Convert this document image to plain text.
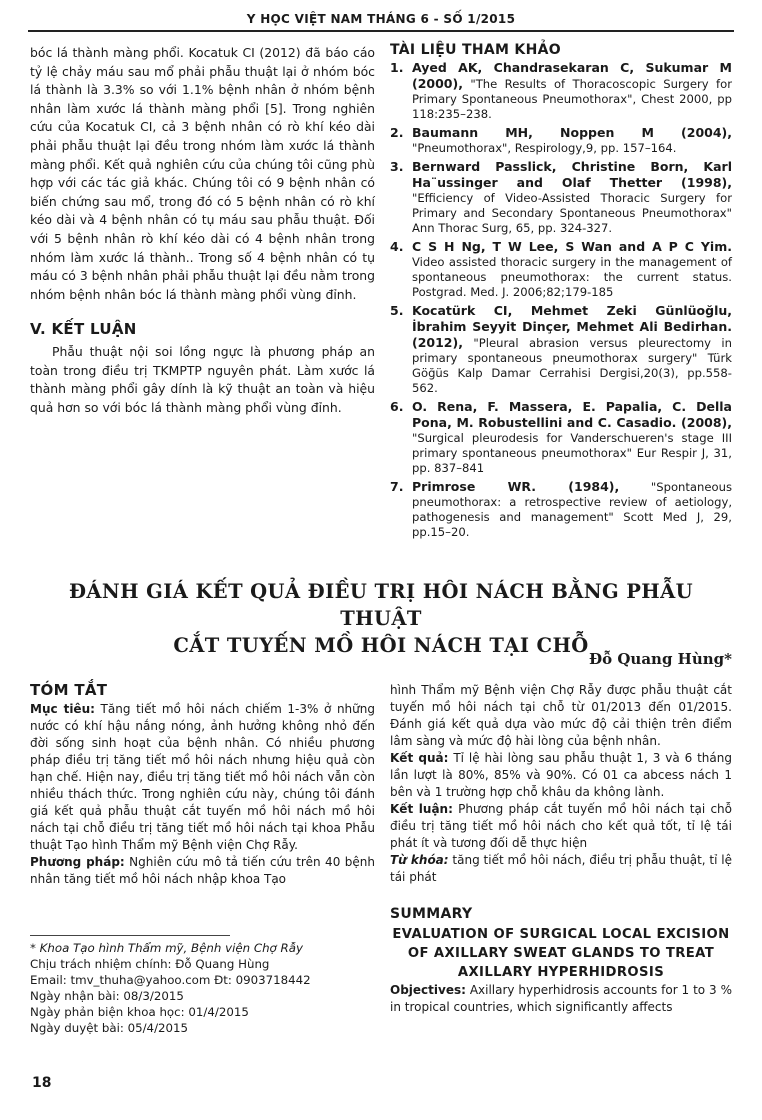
Y HỌC VIỆT NAM THÁNG 6 - SỐ 1/2015

bóc lá thành màng phổi. Kocatuk CI (2012) đã báo cáo tỷ lệ chảy máu sau mổ phải phẫu thuật lại ở nhóm bóc lá thành là 3.3% so với 1.1% bệnh nhân ở nhóm bệnh nhân làm xước lá thành màng phổi [5]. Trong nghiên cứu của Kocatuk CI, cả 3 bệnh nhân có rò khí kéo dài phải phẫu thuật lại đều trong nhóm làm xước lá thành màng phổi. Kết quả nghiên cứu của chúng tôi cũng phù hợp với các tác giả khác. Chúng tôi có 9 bệnh nhân có biến chứng sau mổ, trong đó có 5 bệnh nhân có rò khí kéo dài và 4 bệnh nhân có tụ máu sau phẫu thuật. Đối với 5 bệnh nhân rò khí kéo dài có 4 bệnh nhân trong nhóm làm xước lá thành.. Trong số 4 bệnh nhân có tụ máu có 3 bệnh nhân phải phẫu thuật lại đều nằm trong nhóm bệnh nhân bóc lá thành màng phổi vùng đỉnh.

V. KẾT LUẬN

Phẫu thuật nội soi lồng ngực là phương pháp an toàn trong điều trị TKMPTP nguyên phát. Làm xước lá thành màng phổi gây dính là kỹ thuật an toàn và hiệu quả hơn so với bóc lá thành màng phổi vùng đỉnh.

TÀI LIỆU THAM KHẢO
1. Ayed AK, Chandrasekaran C, Sukumar M (2000), "The Results of Thoracoscopic Surgery for Primary Spontaneous Pneumothorax", Chest 2000, pp 118:235–238.
2. Baumann MH, Noppen M (2004), "Pneumothorax", Respirology,9, pp. 157–164.
3. Bernward Passlick, Christine Born, Karl Ha¨ussinger and Olaf Thetter (1998), "Efficiency of Video-Assisted Thoracic Surgery for Primary and Secondary Spontaneous Pneumothorax" Ann Thorac Surg, 65, pp. 324-327.
4. C S H Ng, T W Lee, S Wan and A P C Yim. Video assisted thoracic surgery in the management of spontaneous pneumothorax: the current status. Postgrad. Med. J. 2006;82;179-185
5. Kocatürk CI, Mehmet Zeki Günlüoğlu, İbrahim Seyyit Dinçer, Mehmet Ali Bedirhan. (2012), "Pleural abrasion versus pleurectomy in primary spontaneous pneumothorax surgery" Türk Göğüs Kalp Damar Cerrahisi Dergisi,20(3), pp.558-562.
6. O. Rena, F. Massera, E. Papalia, C. Della Pona, M. Robustellini and C. Casadio. (2008), "Surgical pleurodesis for Vanderschueren's stage III primary spontaneous pneumothorax" Eur Respir J, 31, pp. 837–841
7. Primrose WR. (1984), "Spontaneous pneumothorax: a retrospective review of aetiology, pathogenesis and management" Scott Med J, 29, pp.15–20.
ĐÁNH GIÁ KẾT QUẢ ĐIỀU TRỊ HÔI NÁCH BẰNG PHẪU THUẬT
CẮT TUYẾN MỒ HÔI NÁCH TẠI CHỖ
Đỗ Quang Hùng*
TÓM TẮT

Mục tiêu: Tăng tiết mồ hôi nách chiếm 1-3% ở những nước có khí hậu nắng nóng, ảnh hưởng không nhỏ đến đời sống sinh hoạt của bệnh nhân. Có nhiều phương pháp điều trị tăng tiết mồ hôi nách nhưng hiệu quả còn hạn chế. Hiện nay, điều trị tăng tiết mồ hôi nách vẫn còn nhiều thách thức. Trong nghiên cứu này, chúng tôi đánh giá kết quả phẫu thuật cắt tuyến mồ hôi nách mồ hôi nách tại chỗ điều trị tăng tiết mồ hôi nách tại khoa Phẫu thuật Tạo hình Thẩm mỹ Bệnh viện Chợ Rẫy.

Phương pháp: Nghiên cứu mô tả tiến cứu trên 40 bệnh nhân tăng tiết mồ hôi nách nhập khoa Tạo

* Khoa Tạo hình Thẩm mỹ, Bệnh viện Chợ Rẫy
Chịu trách nhiệm chính: Đỗ Quang Hùng
Email: tmv_thuha@yahoo.com Đt: 0903718442
Ngày nhận bài: 08/3/2015
Ngày phản biện khoa học: 01/4/2015
Ngày duyệt bài: 05/4/2015

hình Thẩm mỹ Bệnh viện Chợ Rẫy được phẫu thuật cắt tuyến mồ hôi nách tại chỗ từ 01/2013 đến 01/2015. Đánh giá kết quả dựa vào mức độ cải thiện trên điểm lâm sàng và mức độ hài lòng của bệnh nhân.

Kết quả: Tỉ lệ hài lòng sau phẫu thuật 1, 3 và 6 tháng lần lượt là 80%, 85% và 90%. Có 01 ca abcess nách 1 bên và 1 trường hợp chỗ khâu da không lành.

Kết luận: Phương pháp cắt tuyến mồ hôi nách tại chỗ điều trị tăng tiết mồ hôi nách cho kết quả tốt, tỉ lệ tái phát ít và tương đối dễ thực hiện

Từ khóa: tăng tiết mồ hôi nách, điều trị phẫu thuật, tỉ lệ tái phát

SUMMARY
EVALUATION OF SURGICAL LOCAL EXCISION OF AXILLARY SWEAT GLANDS TO TREAT AXILLARY HYPERHIDROSIS

Objectives: Axillary hyperhidrosis accounts for 1 to 3 % in tropical countries, which significantly affects

18
